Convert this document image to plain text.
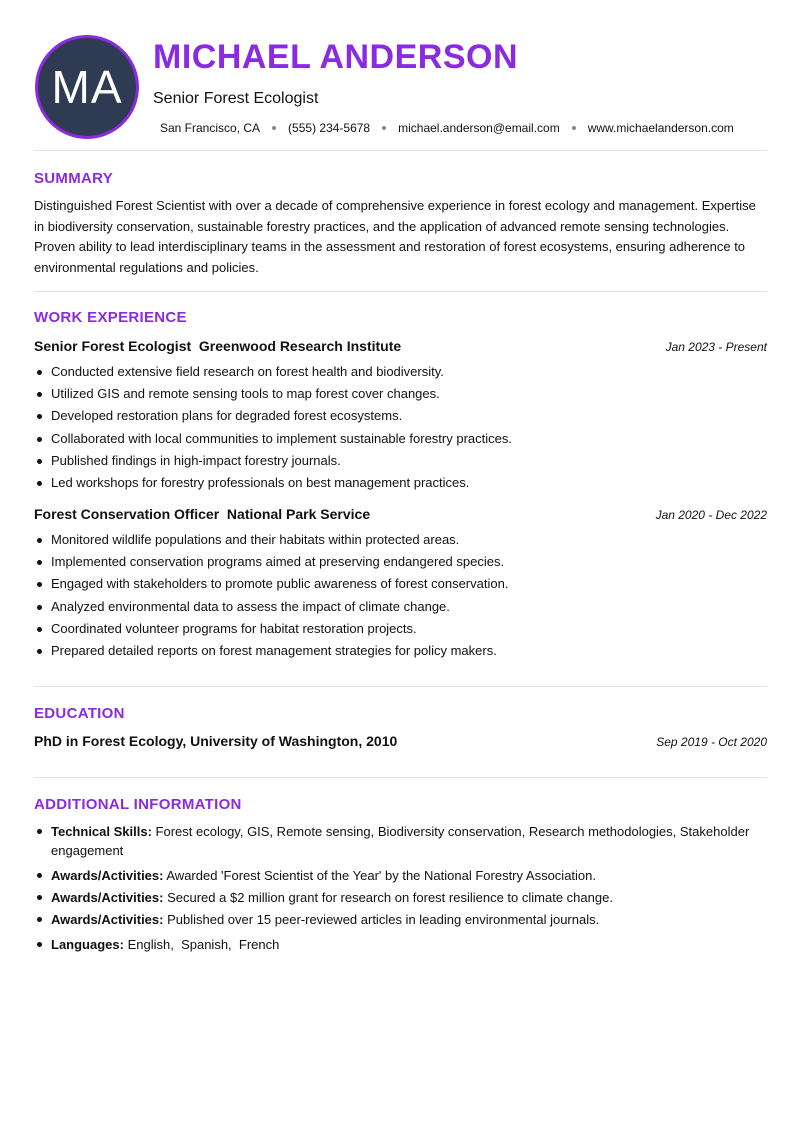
MA
MICHAEL ANDERSON
Senior Forest Ecologist
San Francisco, CA (555) 234-5678 michael.anderson@email.com www.michaelanderson.com
SUMMARY
Distinguished Forest Scientist with over a decade of comprehensive experience in forest ecology and management. Expertise in biodiversity conservation, sustainable forestry practices, and the application of advanced remote sensing technologies. Proven ability to lead interdisciplinary teams in the assessment and restoration of forest ecosystems, ensuring adherence to environmental regulations and policies.
WORK EXPERIENCE
Senior Forest Ecologist  Greenwood Research Institute	Jan 2023 - Present
Conducted extensive field research on forest health and biodiversity.
Utilized GIS and remote sensing tools to map forest cover changes.
Developed restoration plans for degraded forest ecosystems.
Collaborated with local communities to implement sustainable forestry practices.
Published findings in high-impact forestry journals.
Led workshops for forestry professionals on best management practices.
Forest Conservation Officer  National Park Service	Jan 2020 - Dec 2022
Monitored wildlife populations and their habitats within protected areas.
Implemented conservation programs aimed at preserving endangered species.
Engaged with stakeholders to promote public awareness of forest conservation.
Analyzed environmental data to assess the impact of climate change.
Coordinated volunteer programs for habitat restoration projects.
Prepared detailed reports on forest management strategies for policy makers.
EDUCATION
PhD in Forest Ecology, University of Washington, 2010	Sep 2019 - Oct 2020
ADDITIONAL INFORMATION
Technical Skills: Forest ecology, GIS, Remote sensing, Biodiversity conservation, Research methodologies, Stakeholder engagement
Awards/Activities: Awarded 'Forest Scientist of the Year' by the National Forestry Association.
Awards/Activities: Secured a $2 million grant for research on forest resilience to climate change.
Awards/Activities: Published over 15 peer-reviewed articles in leading environmental journals.
Languages: English,  Spanish,  French
